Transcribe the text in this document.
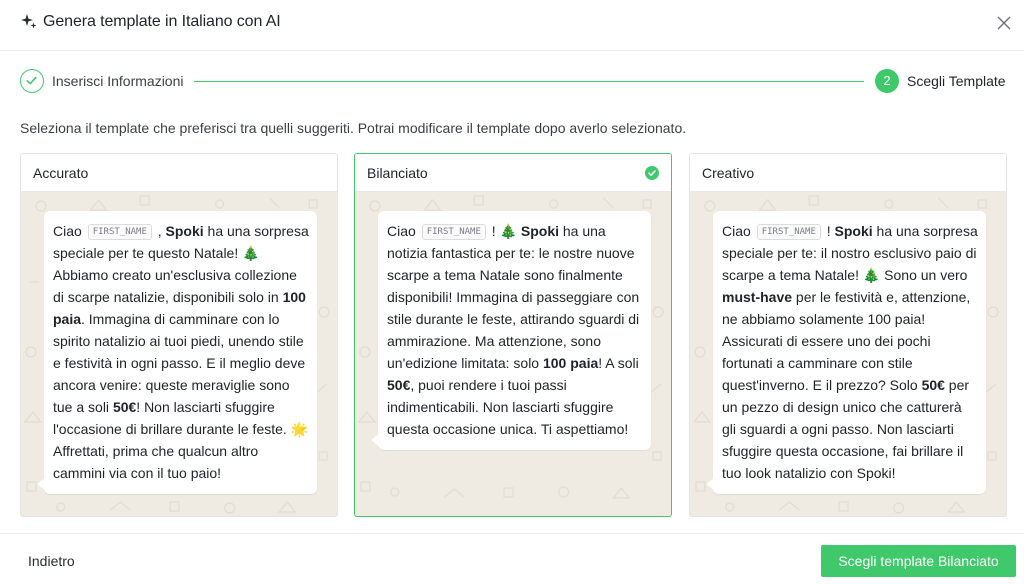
Genera template in Italiano con AI
Inserisci Informazioni	2	Scegli Template
Seleziona il template che preferisci tra quelli suggeriti. Potrai modificare il template dopo averlo selezionato.
Accurato
Ciao FIRST_NAME , Spoki ha una sorpresa speciale per te questo Natale! 🎄 Abbiamo creato un'esclusiva collezione di scarpe natalizie, disponibili solo in 100 paia. Immagina di camminare con lo spirito natalizio ai tuoi piedi, unendo stile e festività in ogni passo. E il meglio deve ancora venire: queste meraviglie sono tue a soli 50€! Non lasciarti sfuggire l'occasione di brillare durante le feste. 🌟 Affrettati, prima che qualcun altro cammini via con il tuo paio!
Bilanciato
Ciao FIRST_NAME ! 🎄 Spoki ha una notizia fantastica per te: le nostre nuove scarpe a tema Natale sono finalmente disponibili! Immagina di passeggiare con stile durante le feste, attirando sguardi di ammirazione. Ma attenzione, sono un'edizione limitata: solo 100 paia! A soli 50€, puoi rendere i tuoi passi indimenticabili. Non lasciarti sfuggire questa occasione unica. Ti aspettiamo!
Creativo
Ciao FIRST_NAME ! Spoki ha una sorpresa speciale per te: il nostro esclusivo paio di scarpe a tema Natale! 🎄 Sono un vero must-have per le festività e, attenzione, ne abbiamo solamente 100 paia! Assicurati di essere uno dei pochi fortunati a camminare con stile quest'inverno. E il prezzo? Solo 50€ per un pezzo di design unico che catturerà gli sguardi a ogni passo. Non lasciarti sfuggire questa occasione, fai brillare il tuo look natalizio con Spoki!
Indietro	Scegli template Bilanciato
